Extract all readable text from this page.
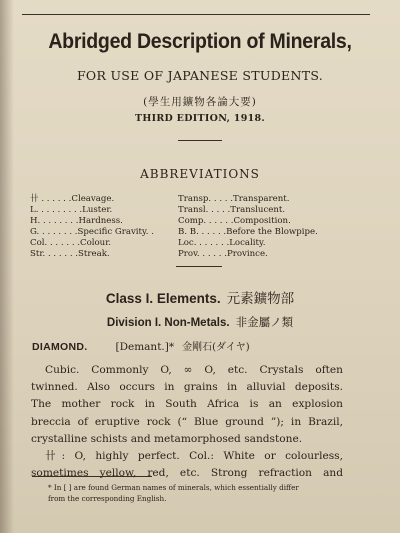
Abridged Description of Minerals,
FOR USE OF JAPANESE STUDENTS.
(學生用鑛物各論大要)
THIRD EDITION, 1918.
ABBREVIATIONS
卄 . . . . . .Cleavage.
L. . . . . . . . .Luster.
H. . . . . . . .Hardness.
G. . . . . . . .Specific Gravity. .
Col. . . . . . .Colour.
Str. . . . . . .Streak.
Transp. . . . .Transparent.
Transl. . . . .Translucent.
Comp. . . . . .Composition.
B. B. . . . . .Before the Blowpipe.
Loc. . . . . . .Locality.
Prov. . . . . .Province.
Class I. Elements. 元素鑛物部
Division I. Non-Metals. 非金屬ノ類
DIAMOND.	[Demant.]* 金剛石(ダイヤ)
Cubic. Commonly O, ∞ O, etc. Crystals often
twinned. Also occurs in grains in alluvial deposits.
The mother rock in South Africa is an explosion
breccia of eruptive rock (“ Blue ground ”); in Brazil,
crystalline schists and metamorphosed sandstone.
卄: O, highly perfect. Col.: White or colourless,
sometimes yellow, red, etc. Strong refraction and
* In [ ] are found German names of minerals, which essentially differ
from the corresponding English.
